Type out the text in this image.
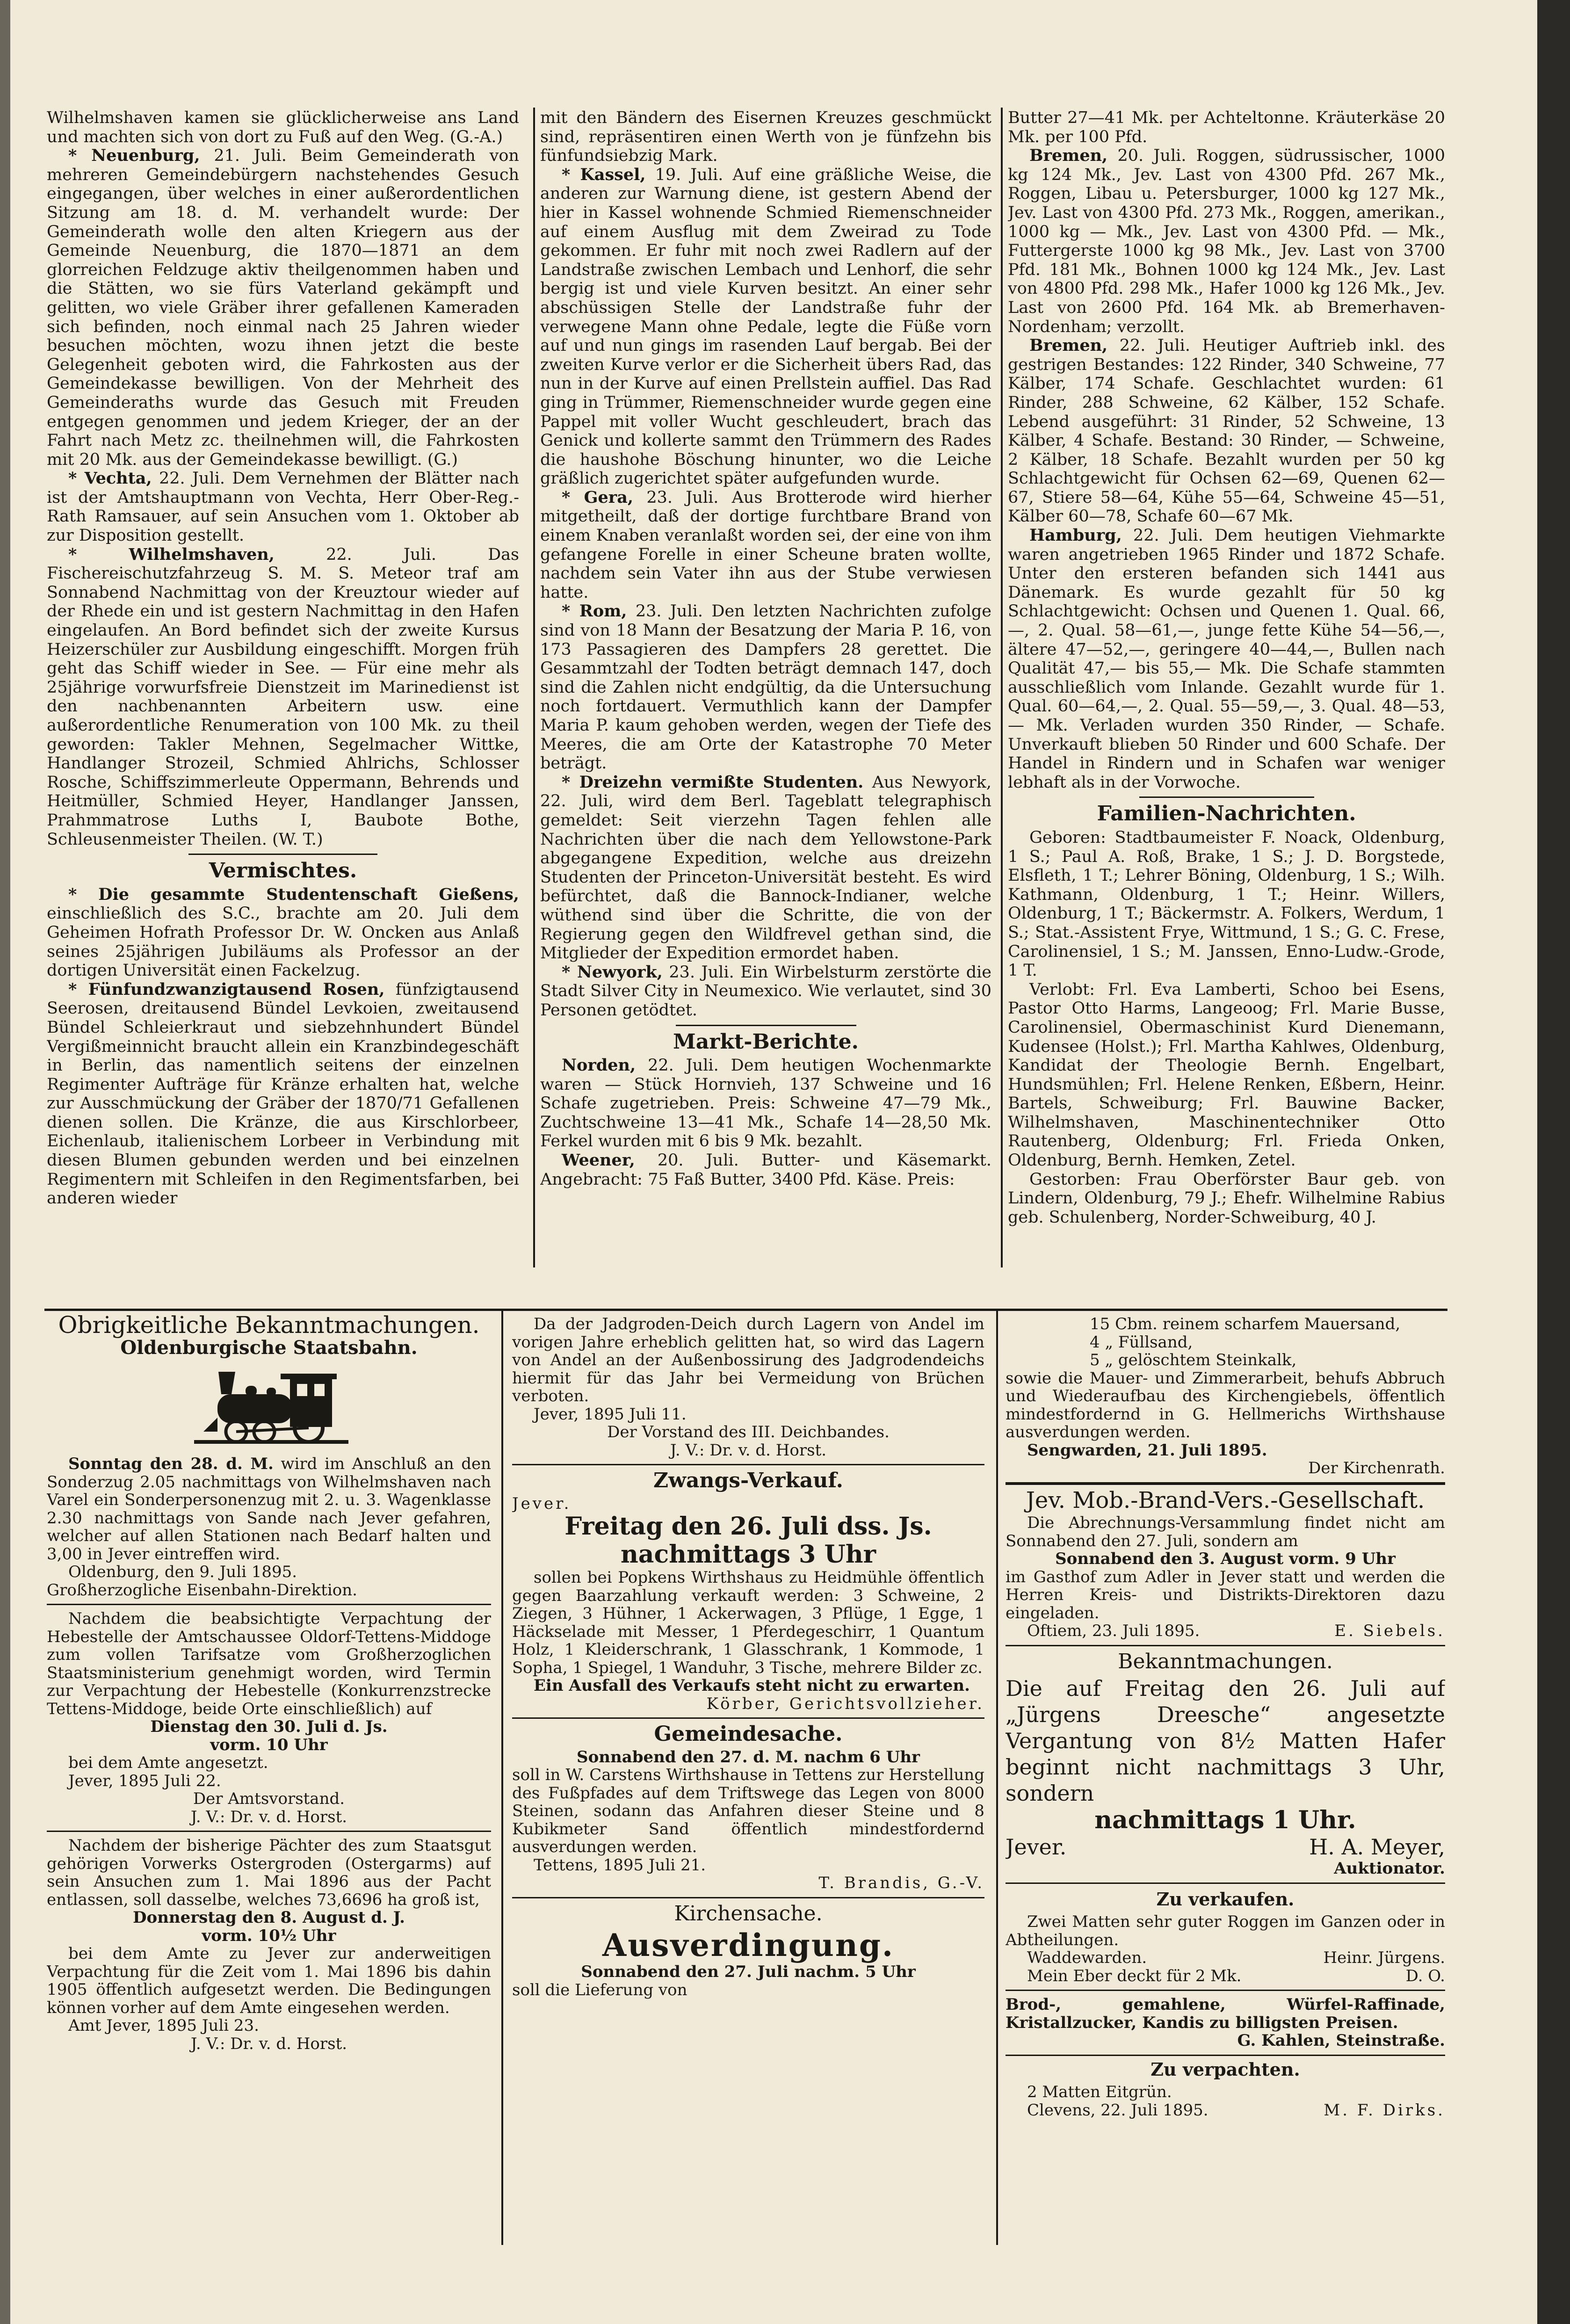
Wilhelmshaven kamen sie glücklicherweise ans Land und machten sich von dort zu Fuß auf den Weg. (G.-A.)

* Neuenburg, 21. Juli. Beim Gemeinderath von mehreren Gemeindebürgern nachstehendes Gesuch eingegangen, über welches in einer außerordentlichen Sitzung am 18. d. M. verhandelt wurde: Der Gemeinderath wolle den alten Kriegern aus der Gemeinde Neuenburg, die 1870—1871 an dem glorreichen Feldzuge aktiv theilgenommen haben und die Stätten, wo sie fürs Vaterland gekämpft und gelitten, wo viele Gräber ihrer gefallenen Kameraden sich befinden, noch einmal nach 25 Jahren wieder besuchen möchten, wozu ihnen jetzt die beste Gelegenheit geboten wird, die Fahrkosten aus der Gemeindekasse bewilligen. Von der Mehrheit des Gemeinderaths wurde das Gesuch mit Freuden entgegen genommen und jedem Krieger, der an der Fahrt nach Metz zc. theilnehmen will, die Fahrkosten mit 20 Mk. aus der Gemeindekasse bewilligt. (G.)

* Vechta, 22. Juli. Dem Vernehmen der Blätter nach ist der Amtshauptmann von Vechta, Herr Ober-Reg.-Rath Ramsauer, auf sein Ansuchen vom 1. Oktober ab zur Disposition gestellt.

* Wilhelmshaven,	22. Juli. Das Fischereischutzfahrzeug S. M. S. Meteor traf am Sonnabend Nachmittag von der Kreuztour wieder auf der Rhede ein und ist gestern Nachmittag in den Hafen eingelaufen. An Bord befindet sich der zweite Kursus Heizerschüler zur Ausbildung eingeschifft. Morgen früh geht das Schiff wieder in See. — Für eine mehr als 25jährige vorwurfsfreie Dienstzeit im Marinedienst ist den nachbenannten Arbeitern usw. eine außerordentliche Renumeration von 100 Mk. zu theil geworden: Takler Mehnen, Segelmacher Wittke, Handlanger Strozeil, Schmied Ahlrichs, Schlosser Rosche, Schiffszimmerleute Oppermann, Behrends und Heitmüller, Schmied Heyer, Handlanger Janssen, Prahmmatrose Luths I, Baubote Bothe, Schleusenmeister Theilen. (W. T.)

Vermischtes.

* Die gesammte Studentenschaft Gießens, einschließlich des S.C., brachte am 20. Juli dem Geheimen Hofrath Professor Dr. W. Oncken aus Anlaß seines 25jährigen Jubiläums als Professor an der dortigen Universität einen Fackelzug.

* Fünfundzwanzigtausend Rosen, fünfzigtausend Seerosen, dreitausend Bündel Levkoien, zweitausend Bündel Schleierkraut und siebzehnhundert Bündel Vergißmeinnicht braucht allein ein Kranzbindegeschäft in Berlin, das namentlich seitens der einzelnen Regimenter Aufträge für Kränze erhalten hat, welche zur Ausschmückung der Gräber der 1870/71 Gefallenen dienen sollen. Die Kränze, die aus Kirschlorbeer, Eichenlaub, italienischem Lorbeer in Verbindung mit diesen Blumen gebunden werden und bei einzelnen Regimentern mit Schleifen in den Regimentsfarben, bei anderen wieder

mit den Bändern des Eisernen Kreuzes geschmückt sind, repräsentiren einen Werth von je fünfzehn bis fünfundsiebzig Mark.

* Kassel, 19. Juli. Auf eine gräßliche Weise, die anderen zur Warnung diene, ist gestern Abend der hier in Kassel wohnende Schmied Riemenschneider auf einem Ausflug mit dem Zweirad zu Tode gekommen. Er fuhr mit noch zwei Radlern auf der Landstraße zwischen Lembach und Lenhorf, die sehr bergig ist und viele Kurven besitzt. An einer sehr abschüssigen Stelle der Landstraße fuhr der verwegene Mann ohne Pedale, legte die Füße vorn auf und nun gings im rasenden Lauf bergab. Bei der zweiten Kurve verlor er die Sicherheit übers Rad, das nun in der Kurve auf einen Prellstein auffiel. Das Rad ging in Trümmer, Riemenschneider wurde gegen eine Pappel mit voller Wucht geschleudert, brach das Genick und kollerte sammt den Trümmern des Rades die haushohe Böschung hinunter, wo die Leiche gräßlich zugerichtet später aufgefunden wurde.

* Gera, 23. Juli. Aus Brotterode wird hierher mitgetheilt, daß der dortige furchtbare Brand von einem Knaben veranlaßt worden sei, der eine von ihm gefangene Forelle in einer Scheune braten wollte, nachdem sein Vater ihn aus der Stube verwiesen hatte.

* Rom, 23. Juli. Den letzten Nachrichten zufolge sind von 18 Mann der Besatzung der Maria P. 16, von 173 Passagieren des Dampfers 28 gerettet. Die Gesammtzahl der Todten beträgt demnach 147, doch sind die Zahlen nicht endgültig, da die Untersuchung noch fortdauert. Vermuthlich kann der Dampfer Maria P. kaum gehoben werden, wegen der Tiefe des Meeres, die am Orte der Katastrophe 70 Meter beträgt.

* Dreizehn vermißte Studenten. Aus Newyork, 22. Juli, wird dem Berl. Tageblatt telegraphisch gemeldet: Seit vierzehn Tagen fehlen alle Nachrichten über die nach dem Yellowstone-Park abgegangene Expedition, welche aus dreizehn Studenten der Princeton-Universität besteht. Es wird befürchtet, daß die Bannock-Indianer, welche wüthend sind über die Schritte, die von der Regierung gegen den Wildfrevel gethan sind, die Mitglieder der Expedition ermordet haben.

* Newyork, 23. Juli. Ein Wirbelsturm zerstörte die Stadt Silver City in Neumexico. Wie verlautet, sind 30 Personen getödtet.

Markt-Berichte.

Norden, 22. Juli. Dem heutigen Wochenmarkte waren — Stück Hornvieh, 137 Schweine und 16 Schafe zugetrieben. Preis: Schweine 47—79 Mk., Zuchtschweine 13—41 Mk., Schafe 14—28,50 Mk. Ferkel wurden mit 6 bis 9 Mk. bezahlt.

Weener, 20. Juli. Butter- und Käsemarkt. Angebracht: 75 Faß Butter, 3400 Pfd. Käse. Preis:

Butter 27—41 Mk. per Achteltonne. Kräuterkäse 20 Mk. per 100 Pfd.

Bremen, 20. Juli. Roggen, südrussischer, 1000 kg 124 Mk., Jev. Last von 4300 Pfd. 267 Mk., Roggen, Libau u. Petersburger, 1000 kg 127 Mk., Jev. Last von 4300 Pfd. 273 Mk., Roggen, amerikan., 1000 kg — Mk., Jev. Last von 4300 Pfd. — Mk., Futtergerste 1000 kg 98 Mk., Jev. Last von 3700 Pfd. 181 Mk., Bohnen 1000 kg 124 Mk., Jev. Last von 4800 Pfd. 298 Mk., Hafer 1000 kg 126 Mk., Jev. Last von 2600 Pfd. 164 Mk. ab Bremerhaven-Nordenham; verzollt.

Bremen, 22. Juli. Heutiger Auftrieb inkl. des gestrigen Bestandes: 122 Rinder, 340 Schweine, 77 Kälber, 174 Schafe. Geschlachtet wurden: 61 Rinder, 288 Schweine, 62 Kälber, 152 Schafe. Lebend ausgeführt: 31 Rinder, 52 Schweine, 13 Kälber, 4 Schafe. Bestand: 30 Rinder, — Schweine, 2 Kälber, 18 Schafe. Bezahlt wurden per 50 kg Schlachtgewicht für Ochsen 62—69, Quenen 62—67, Stiere 58—64, Kühe 55—64, Schweine 45—51, Kälber 60—78, Schafe 60—67 Mk.

Hamburg, 22. Juli. Dem heutigen Viehmarkte waren angetrieben 1965 Rinder und 1872 Schafe. Unter den ersteren befanden sich 1441 aus Dänemark. Es wurde gezahlt für 50 kg Schlachtgewicht: Ochsen und Quenen 1. Qual. 66,—, 2. Qual. 58—61,—, junge fette Kühe 54—56,—, ältere 47—52,—, geringere 40—44,—, Bullen nach Qualität 47,— bis 55,— Mk. Die Schafe stammten ausschließlich vom Inlande. Gezahlt wurde für 1. Qual. 60—64,—, 2. Qual. 55—59,—, 3. Qual. 48—53,— Mk. Verladen wurden 350 Rinder, — Schafe. Unverkauft blieben 50 Rinder und 600 Schafe. Der Handel in Rindern und in Schafen war weniger lebhaft als in der Vorwoche.

Familien-Nachrichten.

Geboren: Stadtbaumeister F. Noack, Oldenburg, 1 S.; Paul A. Roß, Brake, 1 S.; J. D. Borgstede, Elsfleth, 1 T.; Lehrer Böning, Oldenburg, 1 S.; Wilh. Kathmann, Oldenburg, 1 T.; Heinr. Willers, Oldenburg, 1 T.; Bäckermstr. A. Folkers, Werdum, 1 S.; Stat.-Assistent Frye, Wittmund, 1 S.; G. C. Frese, Carolinensiel, 1 S.; M. Janssen, Enno-Ludw.-Grode, 1 T.

Verlobt: Frl. Eva Lamberti, Schoo bei Esens, Pastor Otto Harms, Langeoog; Frl. Marie Busse, Carolinensiel, Obermaschinist Kurd Dienemann, Kudensee (Holst.); Frl. Martha Kahlwes, Oldenburg, Kandidat der Theologie Bernh. Engelbart, Hundsmühlen; Frl. Helene Renken, Eßbern, Heinr. Bartels, Schweiburg; Frl. Bauwine Backer, Wilhelmshaven, Maschinentechniker Otto Rautenberg, Oldenburg; Frl. Frieda Onken, Oldenburg, Bernh. Hemken, Zetel.

Gestorben: Frau Oberförster Baur geb. von Lindern, Oldenburg, 79 J.; Ehefr. Wilhelmine Rabius geb. Schulenberg, Norder-Schweiburg, 40 J.

Obrigkeitliche Bekanntmachungen.
Oldenburgische Staatsbahn.

Sonntag den 28. d. M. wird im Anschluß an den Sonderzug 2.05 nachmittags von Wilhelmshaven nach Varel ein Sonderpersonenzug mit 2. u. 3. Wagenklasse 2.30 nachmittags von Sande nach Jever gefahren, welcher auf allen Stationen nach Bedarf halten und 3,00 in Jever eintreffen wird.

Oldenburg, den 9. Juli 1895.

Großherzogliche Eisenbahn-Direktion.

Nachdem die beabsichtigte Verpachtung der Hebestelle der Amtschaussee Oldorf-Tettens-Middoge zum vollen Tarifsatze vom Großherzoglichen Staatsministerium genehmigt worden, wird Termin zur Verpachtung der Hebestelle (Konkurrenzstrecke Tettens-Middoge, beide Orte einschließlich) auf

Dienstag den 30. Juli d. Js.

vorm. 10 Uhr

bei dem Amte angesetzt.

Jever, 1895 Juli 22.

Der Amtsvorstand.

J. V.: Dr. v. d. Horst.

Nachdem der bisherige Pächter des zum Staatsgut gehörigen Vorwerks Ostergroden (Ostergarms) auf sein Ansuchen zum 1. Mai 1896 aus der Pacht entlassen, soll dasselbe, welches 73,6696 ha groß ist,

Donnerstag den 8. August d. J.

vorm. 10½ Uhr

bei dem Amte zu Jever zur anderweitigen Verpachtung für die Zeit vom 1. Mai 1896 bis dahin 1905 öffentlich aufgesetzt werden. Die Bedingungen können vorher auf dem Amte eingesehen werden.

Amt Jever, 1895 Juli 23.

J. V.: Dr. v. d. Horst.

Da der Jadgroden-Deich durch Lagern von Andel im vorigen Jahre erheblich gelitten hat, so wird das Lagern von Andel an der Außenbossirung des Jadgrodendeichs hiermit für das Jahr bei Vermeidung von Brüchen verboten.

Jever, 1895 Juli 11.

Der Vorstand des III. Deichbandes.

J. V.: Dr. v. d. Horst.

Zwangs-Verkauf.

Jever.

Freitag den 26. Juli dss. Js.
nachmittags 3 Uhr

sollen bei Popkens Wirthshaus zu Heidmühle öffentlich gegen Baarzahlung verkauft werden: 3 Schweine, 2 Ziegen, 3 Hühner, 1 Ackerwagen, 3 Pflüge, 1 Egge, 1 Häckselade mit Messer, 1 Pferdegeschirr, 1 Quantum Holz, 1 Kleiderschrank, 1 Glasschrank, 1 Kommode, 1 Sopha, 1 Spiegel, 1 Wanduhr, 3 Tische, mehrere Bilder zc.

Ein Ausfall des Verkaufs steht nicht zu erwarten.

Körber, Gerichtsvollzieher.

Gemeindesache.

Sonnabend den 27. d. M. nachm 6 Uhr

soll in W. Carstens Wirthshause in Tettens zur Herstellung des Fußpfades auf dem Triftswege das Legen von 8000 Steinen, sodann das Anfahren dieser Steine und 8 Kubikmeter Sand öffentlich mindestfordernd ausverdungen werden.

Tettens, 1895 Juli 21.

T. Brandis, G.-V.

Kirchensache.
Ausverdingung.

Sonnabend den 27. Juli nachm. 5 Uhr

soll die Lieferung von

15 Cbm. reinem scharfem Mauersand,

4 „ Füllsand,

5 „ gelöschtem Steinkalk,

sowie die Mauer- und Zimmerarbeit, behufs Abbruch und Wiederaufbau des Kirchengiebels, öffentlich mindestfordernd in G. Hellmerichs Wirthshause ausverdungen werden.

Sengwarden, 21. Juli 1895.

Der Kirchenrath.

Jev. Mob.-Brand-Vers.-Gesellschaft.

Die Abrechnungs-Versammlung findet nicht am Sonnabend den 27. Juli, sondern am

Sonnabend den 3. August vorm. 9 Uhr

im Gasthof zum Adler in Jever statt und werden die Herren Kreis- und Distrikts-Direktoren dazu eingeladen.

Oftiem, 23. Juli 1895.	E. Siebels.

Bekanntmachungen.
Die auf Freitag den 26. Juli auf „Jürgens Dreesche“ angesetzte Vergantung von 8½ Matten Hafer beginnt nicht nachmittags 3 Uhr, sondern
nachmittags 1 Uhr.

Jever.	H. A. Meyer,

Auktionator.

Zu verkaufen.

Zwei Matten sehr guter Roggen im Ganzen oder in Abtheilungen.

Waddewarden.	Heinr. Jürgens.

Mein Eber deckt für 2 Mk.	D. O.

Brod-, gemahlene, Würfel-Raffinade, Kristallzucker, Kandis zu billigsten Preisen.

G. Kahlen, Steinstraße.

Zu verpachten.

2 Matten Eitgrün.

Clevens, 22. Juli 1895.	M. F. Dirks.
